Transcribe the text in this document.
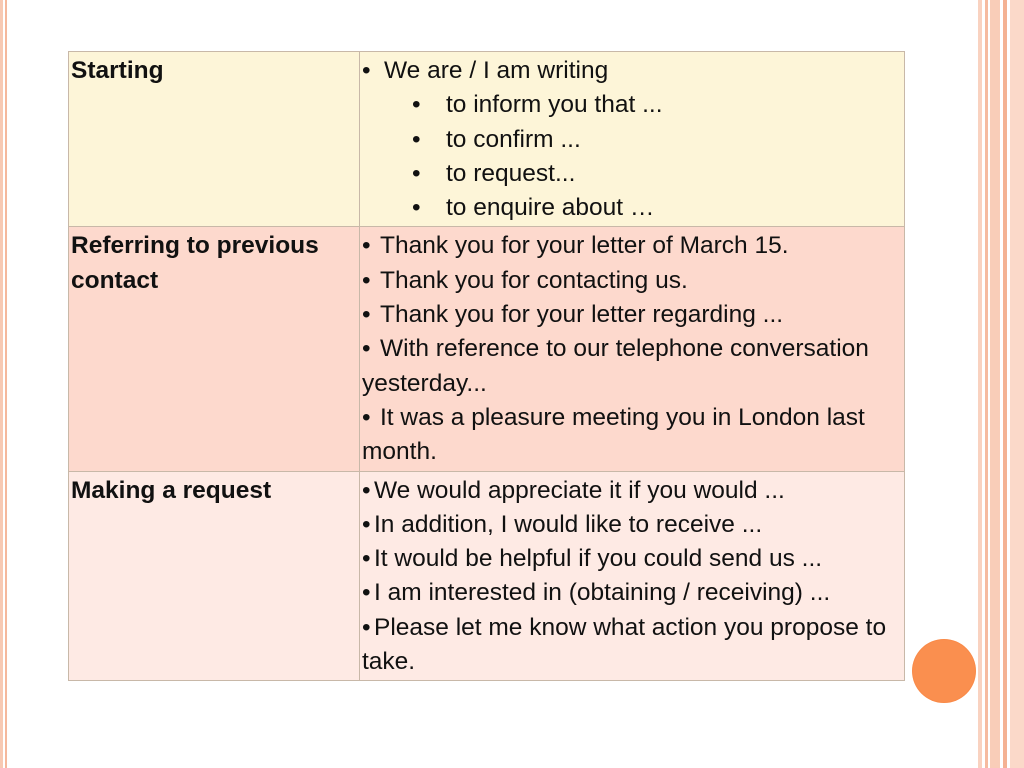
Starting	• We are / I am writing
• to inform you that ...
• to confirm ...
• to request...
• to enquire about …

Referring to previous contact	• Thank you for your letter of March 15.
• Thank you for contacting us.
• Thank you for your letter regarding ...
• With reference to our telephone conversation yesterday...
• It was a pleasure meeting you in London last month.

Making a request	• We would appreciate it if you would ...
• In addition, I would like to receive ...
• It would be helpful if you could send us ...
• I am interested in (obtaining / receiving) ...
• Please let me know what action you propose to take.
